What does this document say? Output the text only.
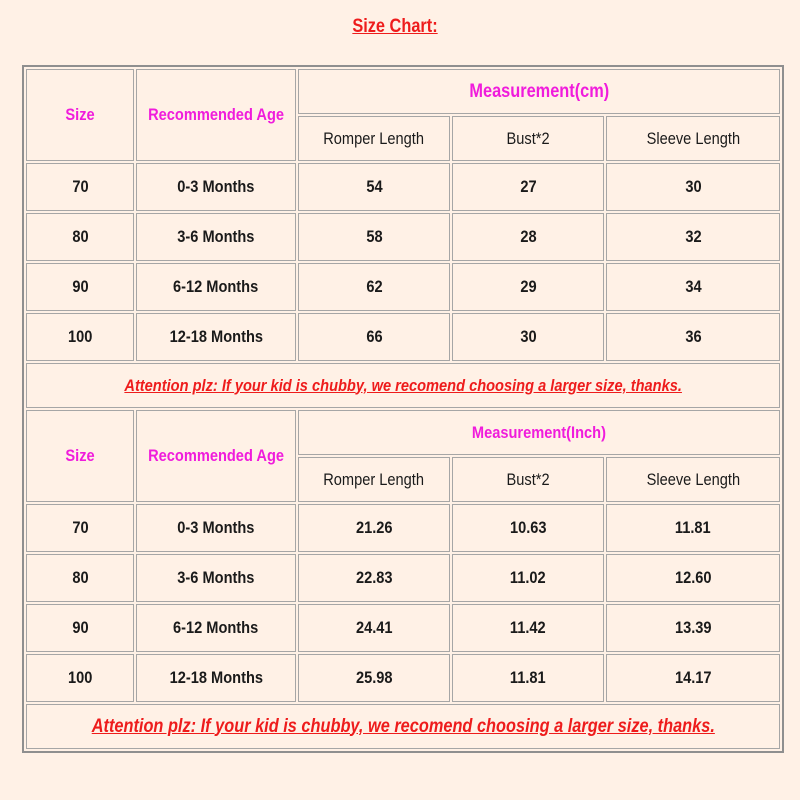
Size Chart:
Size	Recommended Age	Measurement(cm)		
		Romper Length	Bust*2	Sleeve Length
70	0-3 Months	54	27	30
80	3-6 Months	58	28	32
90	6-12 Months	62	29	34
100	12-18 Months	66	30	36
Attention plz: If your kid is chubby, we recomend choosing a larger size, thanks.				
Size	Recommended Age	Measurement(Inch)		
		Romper Length	Bust*2	Sleeve Length
70	0-3 Months	21.26	10.63	11.81
80	3-6 Months	22.83	11.02	12.60
90	6-12 Months	24.41	11.42	13.39
100	12-18 Months	25.98	11.81	14.17
Attention plz: If your kid is chubby, we recomend choosing a larger size, thanks.				
